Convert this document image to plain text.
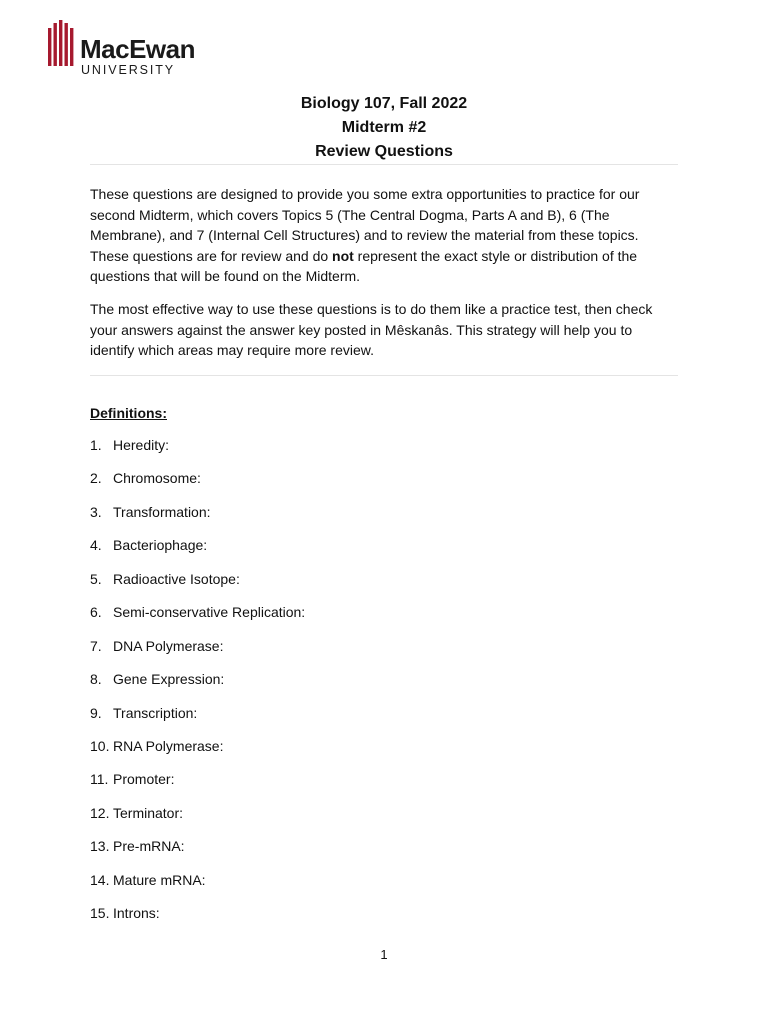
MacEwan
UNIVERSITY
Biology 107, Fall 2022
Midterm #2
Review Questions

These questions are designed to provide you some extra opportunities to practice for our second Midterm, which covers Topics 5 (The Central Dogma, Parts A and B), 6 (The Membrane), and 7 (Internal Cell Structures) and to review the material from these topics. These questions are for review and do not represent the exact style or distribution of the questions that will be found on the Midterm.

The most effective way to use these questions is to do them like a practice test, then check your answers against the answer key posted in Mêskanâs. This strategy will help you to identify which areas may require more review.

Definitions:
1. Heredity:
2. Chromosome:
3. Transformation:
4. Bacteriophage:
5. Radioactive Isotope:
6. Semi-conservative Replication:
7. DNA Polymerase:
8. Gene Expression:
9. Transcription:
10. RNA Polymerase:
11. Promoter:
12. Terminator:
13. Pre-mRNA:
14. Mature mRNA:
15. Introns:
1
